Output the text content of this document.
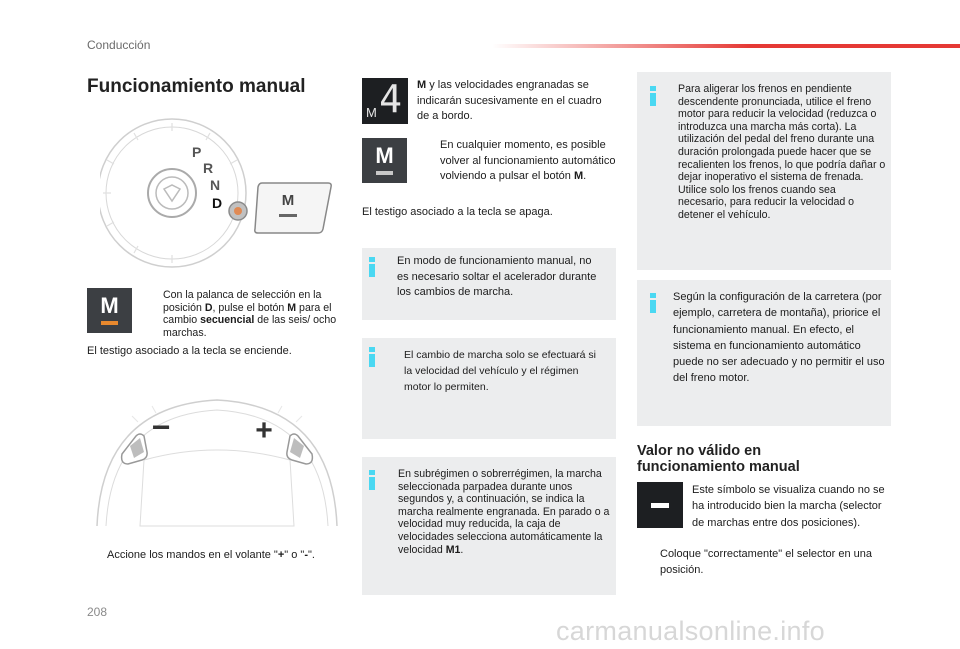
Conducción
Funcionamiento manual
P
R
N
D	M
M	Con la palanca de selección en la posición D, pulse el botón M para el cambio secuencial de las seis/ ocho marchas.
El testigo asociado a la tecla se enciende.
−	+
Accione los mandos en el volante "+" o "-".
4
M
M y las velocidades engranadas se indicarán sucesivamente en el cuadro de a bordo.
M	En cualquier momento, es posible volver al funcionamiento automático volviendo a pulsar el botón M.
El testigo asociado a la tecla se apaga.
En modo de funcionamiento manual, no es necesario soltar el acelerador durante los cambios de marcha.
El cambio de marcha solo se efectuará si la velocidad del vehículo y el régimen motor lo permiten.
En subrégimen o sobrerrégimen, la marcha seleccionada parpadea durante unos segundos y, a continuación, se indica la marcha realmente engranada. En parado o a velocidad muy reducida, la caja de velocidades selecciona automáticamente la velocidad M1.
Para aligerar los frenos en pendiente descendente pronunciada, utilice el freno motor para reducir la velocidad (reduzca o introduzca una marcha más corta). La utilización del pedal del freno durante una duración prolongada puede hacer que se recalienten los frenos, lo que podría dañar o dejar inoperativo el sistema de frenada. Utilice solo los frenos cuando sea necesario, para reducir la velocidad o detener el vehículo.
Según la configuración de la carretera (por ejemplo, carretera de montaña), priorice el funcionamiento manual. En efecto, el sistema en funcionamiento automático puede no ser adecuado y no permitir el uso del freno motor.
Valor no válido en funcionamiento manual
Este símbolo se visualiza cuando no se ha introducido bien la marcha (selector de marchas entre dos posiciones).
Coloque "correctamente" el selector en una posición.
208
carmanualsonline.info
